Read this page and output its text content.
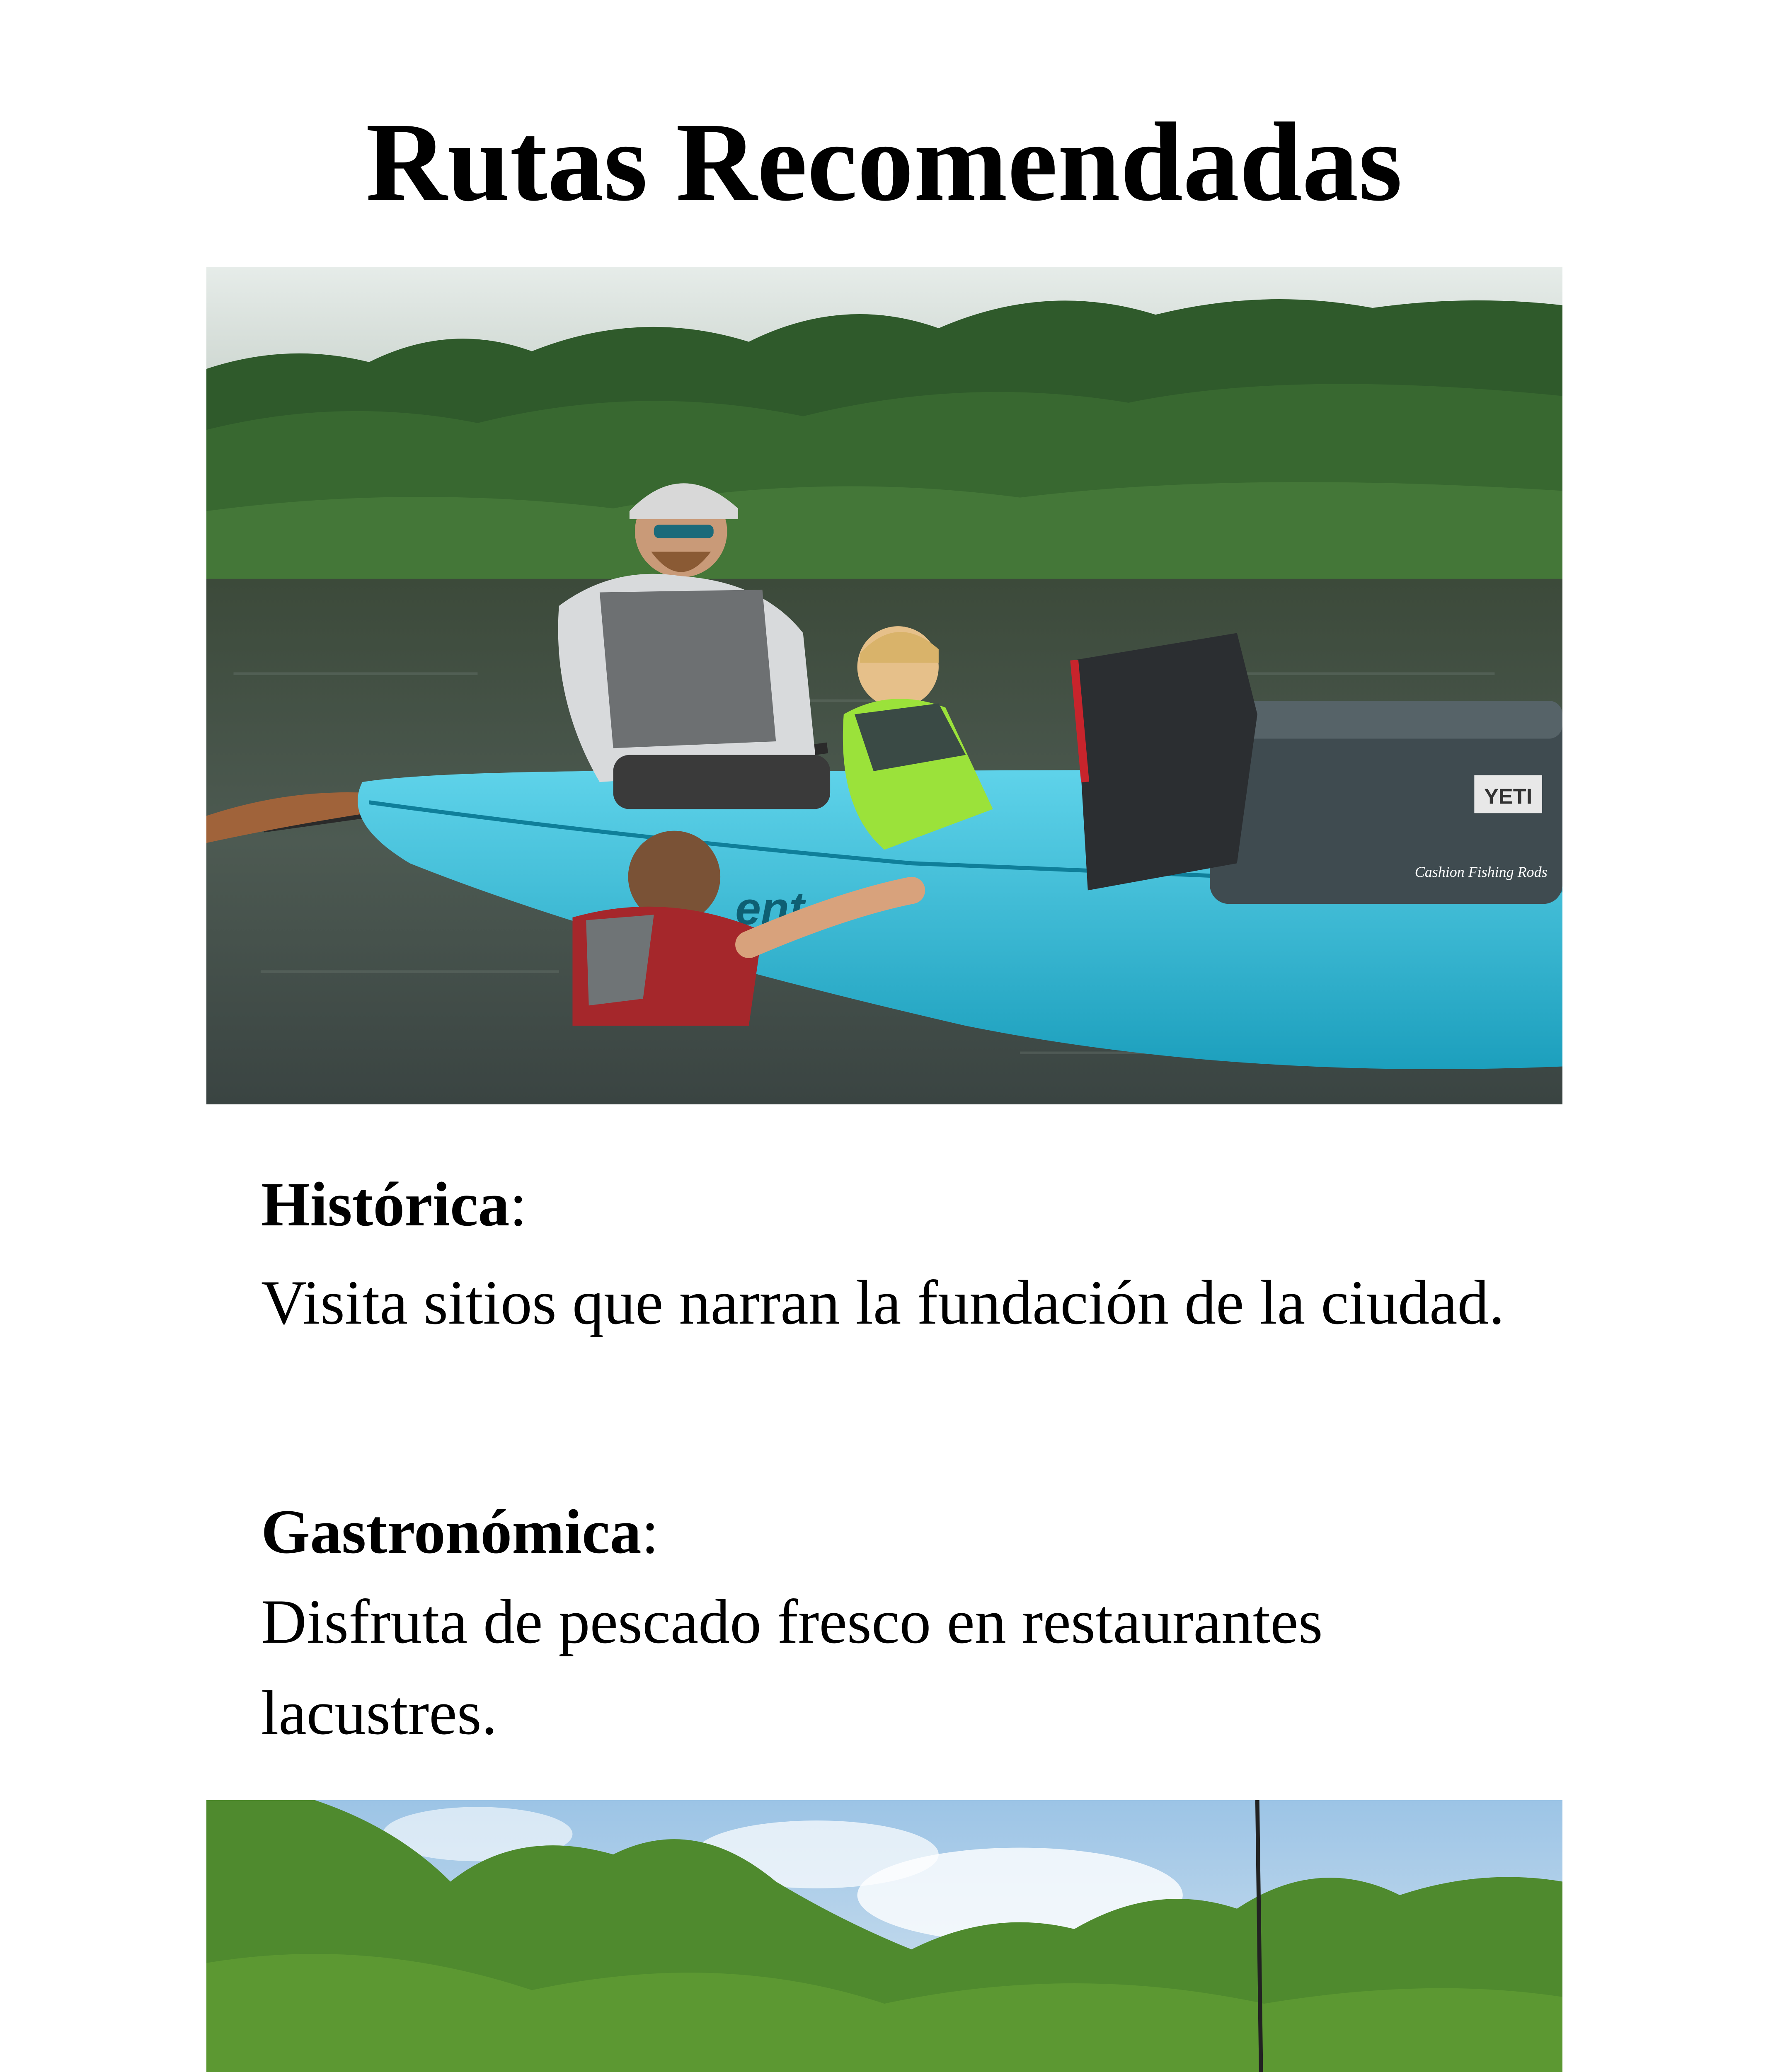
Rutas Recomendadas
ent
YETI
Cashion Fishing Rods

Histórica:

Visita sitios que narran la fundación de la ciudad.

Gastronómica:

Disfruta de pescado fresco en restaurantes lacustres.
